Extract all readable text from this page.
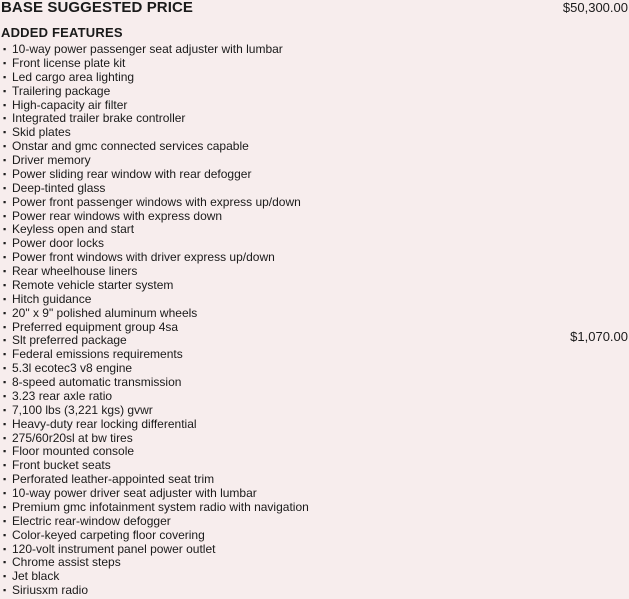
BASE SUGGESTED PRICE	$50,300.00
ADDED FEATURES
▪ 10-way power passenger seat adjuster with lumbar
▪ Front license plate kit
▪ Led cargo area lighting
▪ Trailering package
▪ High-capacity air filter
▪ Integrated trailer brake controller
▪ Skid plates
▪ Onstar and gmc connected services capable
▪ Driver memory
▪ Power sliding rear window with rear defogger
▪ Deep-tinted glass
▪ Power front passenger windows with express up/down
▪ Power rear windows with express down
▪ Keyless open and start
▪ Power door locks
▪ Power front windows with driver express up/down
▪ Rear wheelhouse liners
▪ Remote vehicle starter system
▪ Hitch guidance
▪ 20" x 9" polished aluminum wheels
▪ Preferred equipment group 4sa
▪ Slt preferred package	$1,070.00
▪ Federal emissions requirements
▪ 5.3l ecotec3 v8 engine
▪ 8-speed automatic transmission
▪ 3.23 rear axle ratio
▪ 7,100 lbs (3,221 kgs) gvwr
▪ Heavy-duty rear locking differential
▪ 275/60r20sl at bw tires
▪ Floor mounted console
▪ Front bucket seats
▪ Perforated leather-appointed seat trim
▪ 10-way power driver seat adjuster with lumbar
▪ Premium gmc infotainment system radio with navigation
▪ Electric rear-window defogger
▪ Color-keyed carpeting floor covering
▪ 120-volt instrument panel power outlet
▪ Chrome assist steps
▪ Jet black
▪ Siriusxm radio
